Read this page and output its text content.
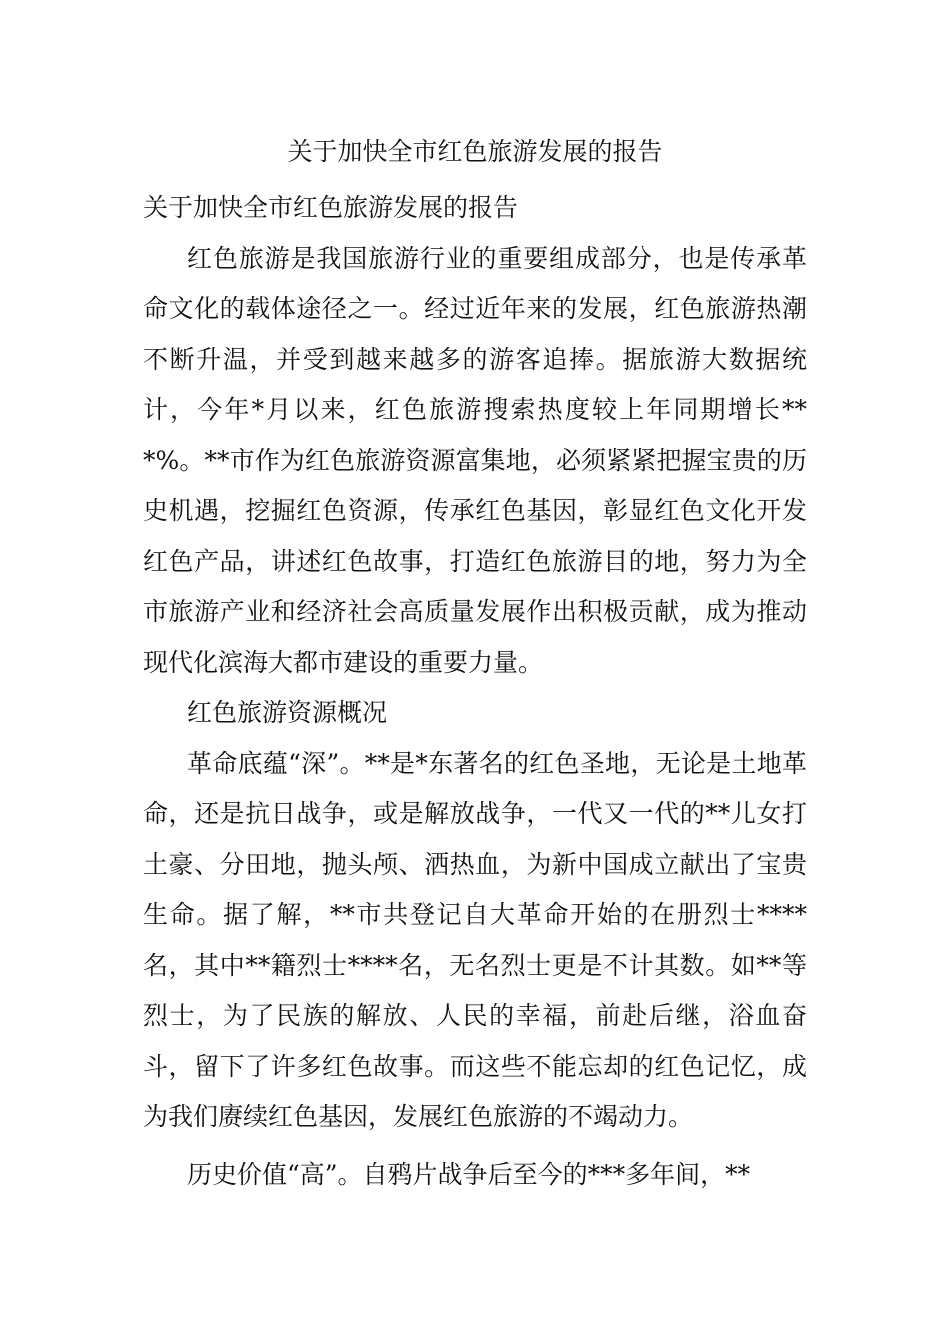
关于加快全市红色旅游发展的报告

关于加快全市红色旅游发展的报告

红色旅游是我国旅游行业的重要组成部分，也是传承革命文化的载体途径之一。经过近年来的发展，红色旅游热潮不断升温，并受到越来越多的游客追捧。据旅游大数据统计，今年*月以来，红色旅游搜索热度较上年同期增长***%。**市作为红色旅游资源富集地，必须紧紧把握宝贵的历史机遇，挖掘红色资源，传承红色基因，彰显红色文化开发红色产品，讲述红色故事，打造红色旅游目的地，努力为全市旅游产业和经济社会高质量发展作出积极贡献，成为推动现代化滨海大都市建设的重要力量。

红色旅游资源概况

革命底蕴“深”。**是*东著名的红色圣地，无论是土地革命，还是抗日战争，或是解放战争，一代又一代的**儿女打土豪、分田地，抛头颅、洒热血，为新中国成立献出了宝贵生命。据了解，**市共登记自大革命开始的在册烈士****名，其中**籍烈士****名，无名烈士更是不计其数。如**等烈士，为了民族的解放、人民的幸福，前赴后继，浴血奋斗，留下了许多红色故事。而这些不能忘却的红色记忆，成为我们赓续红色基因，发展红色旅游的不竭动力。

历史价值“高”。自鸦片战争后至今的***多年间，**
